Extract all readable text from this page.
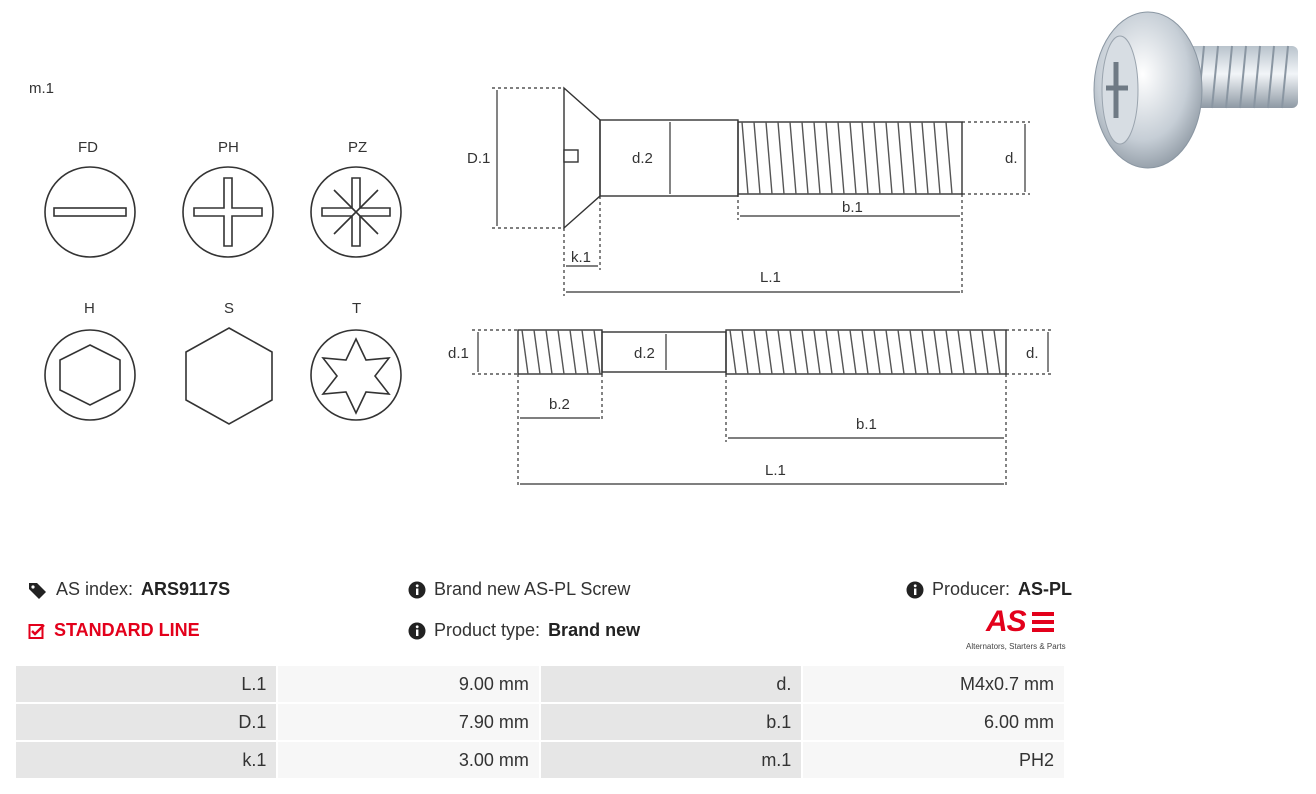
m.1
FD	PH	PZ
H	S	T
D.1	d.2	d.
b.1
k.1
L.1
d.1	d.2	d.
b.2
b.1
L.1
AS index: ARS9117S
STANDARD LINE
Brand new AS-PL Screw
Product type: Brand new
Producer: AS-PL
AS
Alternators, Starters & Parts
L.1	9.00 mm	d.	M4x0.7 mm
D.1	7.90 mm	b.1	6.00 mm
k.1	3.00 mm	m.1	PH2
